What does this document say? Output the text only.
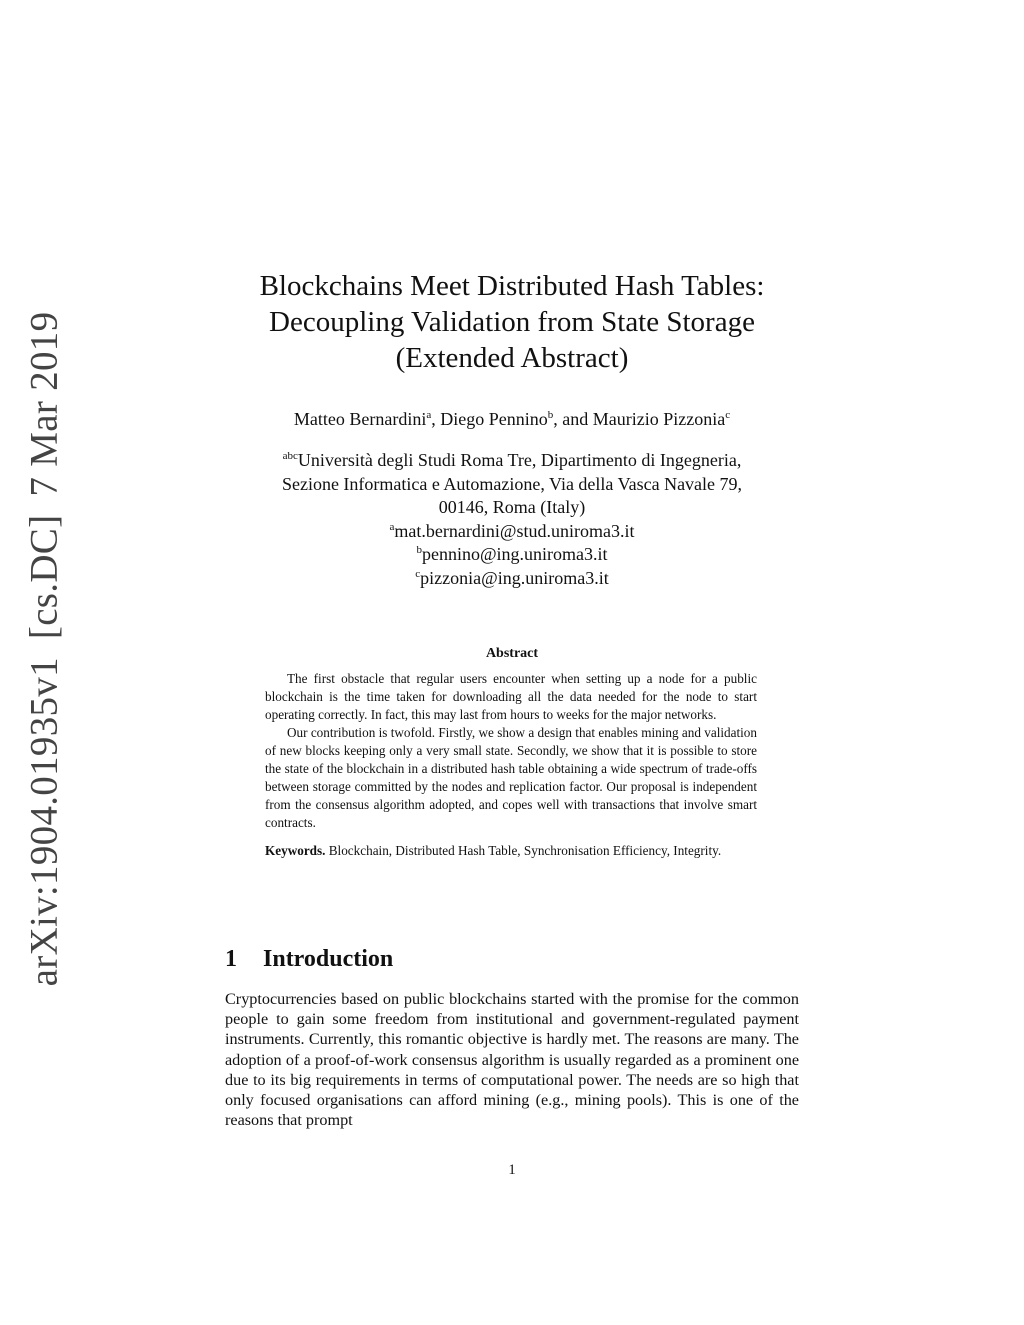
arXiv:1904.01935v1[cs.DC]7 Mar 2019
Blockchains Meet Distributed Hash Tables:
Decoupling Validation from State Storage
(Extended Abstract)
Matteo Bernardini$^a$, Diego Pennino$^b$, and Maurizio Pizzonia$^c$
$^{abc}$Università degli Studi Roma Tre, Dipartimento di Ingegneria,
Sezione Informatica e Automazione, Via della Vasca Navale 79,
00146, Roma (Italy)
$^a$mat.bernardini@stud.uniroma3.it
$^b$pennino@ing.uniroma3.it
$^c$pizzonia@ing.uniroma3.it
Abstract

The first obstacle that regular users encounter when setting up a node for a public blockchain is the time taken for downloading all the data needed for the node to start operating correctly. In fact, this may last from hours to weeks for the major networks.

Our contribution is twofold. Firstly, we show a design that enables mining and validation of new blocks keeping only a very small state. Secondly, we show that it is possible to store the state of the blockchain in a distributed hash table obtaining a wide spectrum of trade-offs between storage committed by the nodes and replication factor. Our proposal is independent from the consensus algorithm adopted, and copes well with transactions that involve smart contracts.

Keywords. Blockchain, Distributed Hash Table, Synchronisation Efficiency, Integrity.

1 Introduction

Cryptocurrencies based on public blockchains started with the promise for the common people to gain some freedom from institutional and government-regulated payment instruments. Currently, this romantic objective is hardly met. The reasons are many. The adoption of a proof-of-work consensus algorithm is usually regarded as a prominent one due to its big requirements in terms of computational power. The needs are so high that only focused organisations can afford mining (e.g., mining pools). This is one of the reasons that prompt

1
